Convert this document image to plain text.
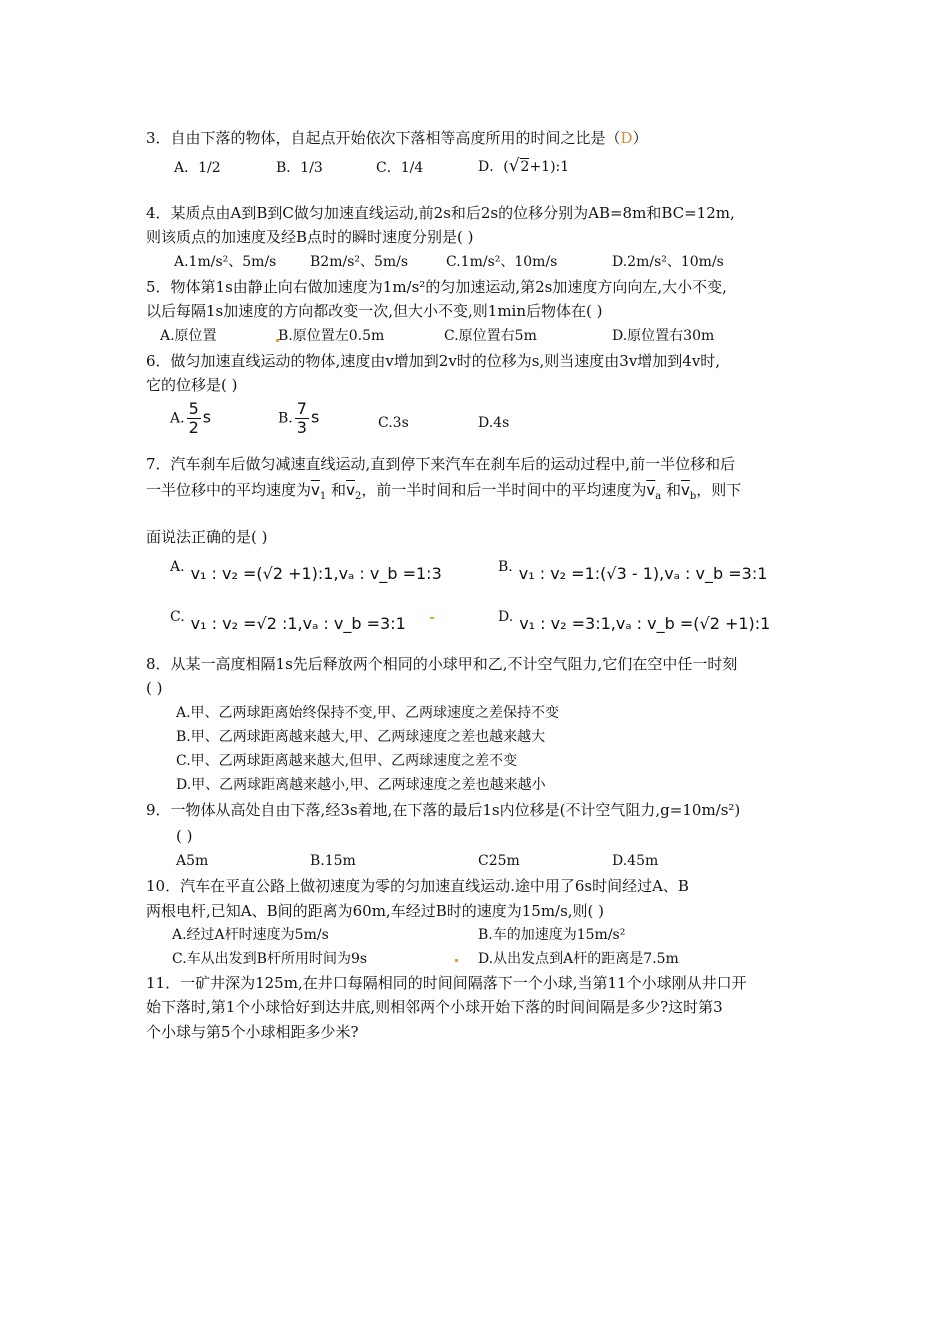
3．自由下落的物体，自起点开始依次下落相等高度所用的时间之比是（D）
A．1/2	B．1/3	C．1/4	D．(√2+1):1
4．某质点由A到B到C做匀加速直线运动,前2s和后2s的位移分别为AB=8m和BC=12m,
则该质点的加速度及经B点时的瞬时速度分别是( )
A.1m/s²、5m/s B2m/s²、5m/s	C.1m/s²、10m/s	D.2m/s²、10m/s
5．物体第1s由静止向右做加速度为1m/s²的匀加速运动,第2s加速度方向向左,大小不变,
以后每隔1s加速度的方向都改变一次,但大小不变,则1min后物体在( )
A.原位置	B.原位置左0.5m	C.原位置右5m	D.原位置右30m
6．做匀加速直线运动的物体,速度由v增加到2v时的位移为s,则当速度由3v增加到4v时,
它的位移是( )
A. $\frac{5}{2}$ s	B. $\frac{7}{3}$ s	C.3s	D.4s
7．汽车刹车后做匀减速直线运动,直到停下来汽车在刹车后的运动过程中,前一半位移和后
一半位移中的平均速度为$\overline{v}_1$ 和$\overline{v}_2$，前一半时间和后一半时间中的平均速度为$\overline{v}_a$ 和$\overline{v}_b$，则下
面说法正确的是( )
A. v₁ : v₂ =(√2 +1):1,vₐ : v_b =1:3	B. v₁ : v₂ =1:(√3 - 1),vₐ : v_b =3:1
C. v₁ : v₂ =√2 :1,vₐ : v_b =3:1	D. v₁ : v₂ =3:1,vₐ : v_b =(√2 +1):1
8．从某一高度相隔1s先后释放两个相同的小球甲和乙,不计空气阻力,它们在空中任一时刻
( )
A.甲、乙两球距离始终保持不变,甲、乙两球速度之差保持不变
B.甲、乙两球距离越来越大,甲、乙两球速度之差也越来越大
C.甲、乙两球距离越来越大,但甲、乙两球速度之差不变
D.甲、乙两球距离越来越小,甲、乙两球速度之差也越来越小
9．一物体从高处自由下落,经3s着地,在下落的最后1s内位移是(不计空气阻力,g=10m/s²)
( )
A5m	B.15m	C25m	D.45m
10．汽车在平直公路上做初速度为零的匀加速直线运动.途中用了6s时间经过A、B
两根电杆,已知A、B间的距离为60m,车经过B时的速度为15m/s,则( )
A.经过A杆时速度为5m/s	B.车的加速度为15m/s²
C.车从出发到B杆所用时间为9s	D.从出发点到A杆的距离是7.5m
11．一矿井深为125m,在井口每隔相同的时间间隔落下一个小球,当第11个小球刚从井口开
始下落时,第1个小球恰好到达井底,则相邻两个小球开始下落的时间间隔是多少?这时第3
个小球与第5个小球相距多少米?
